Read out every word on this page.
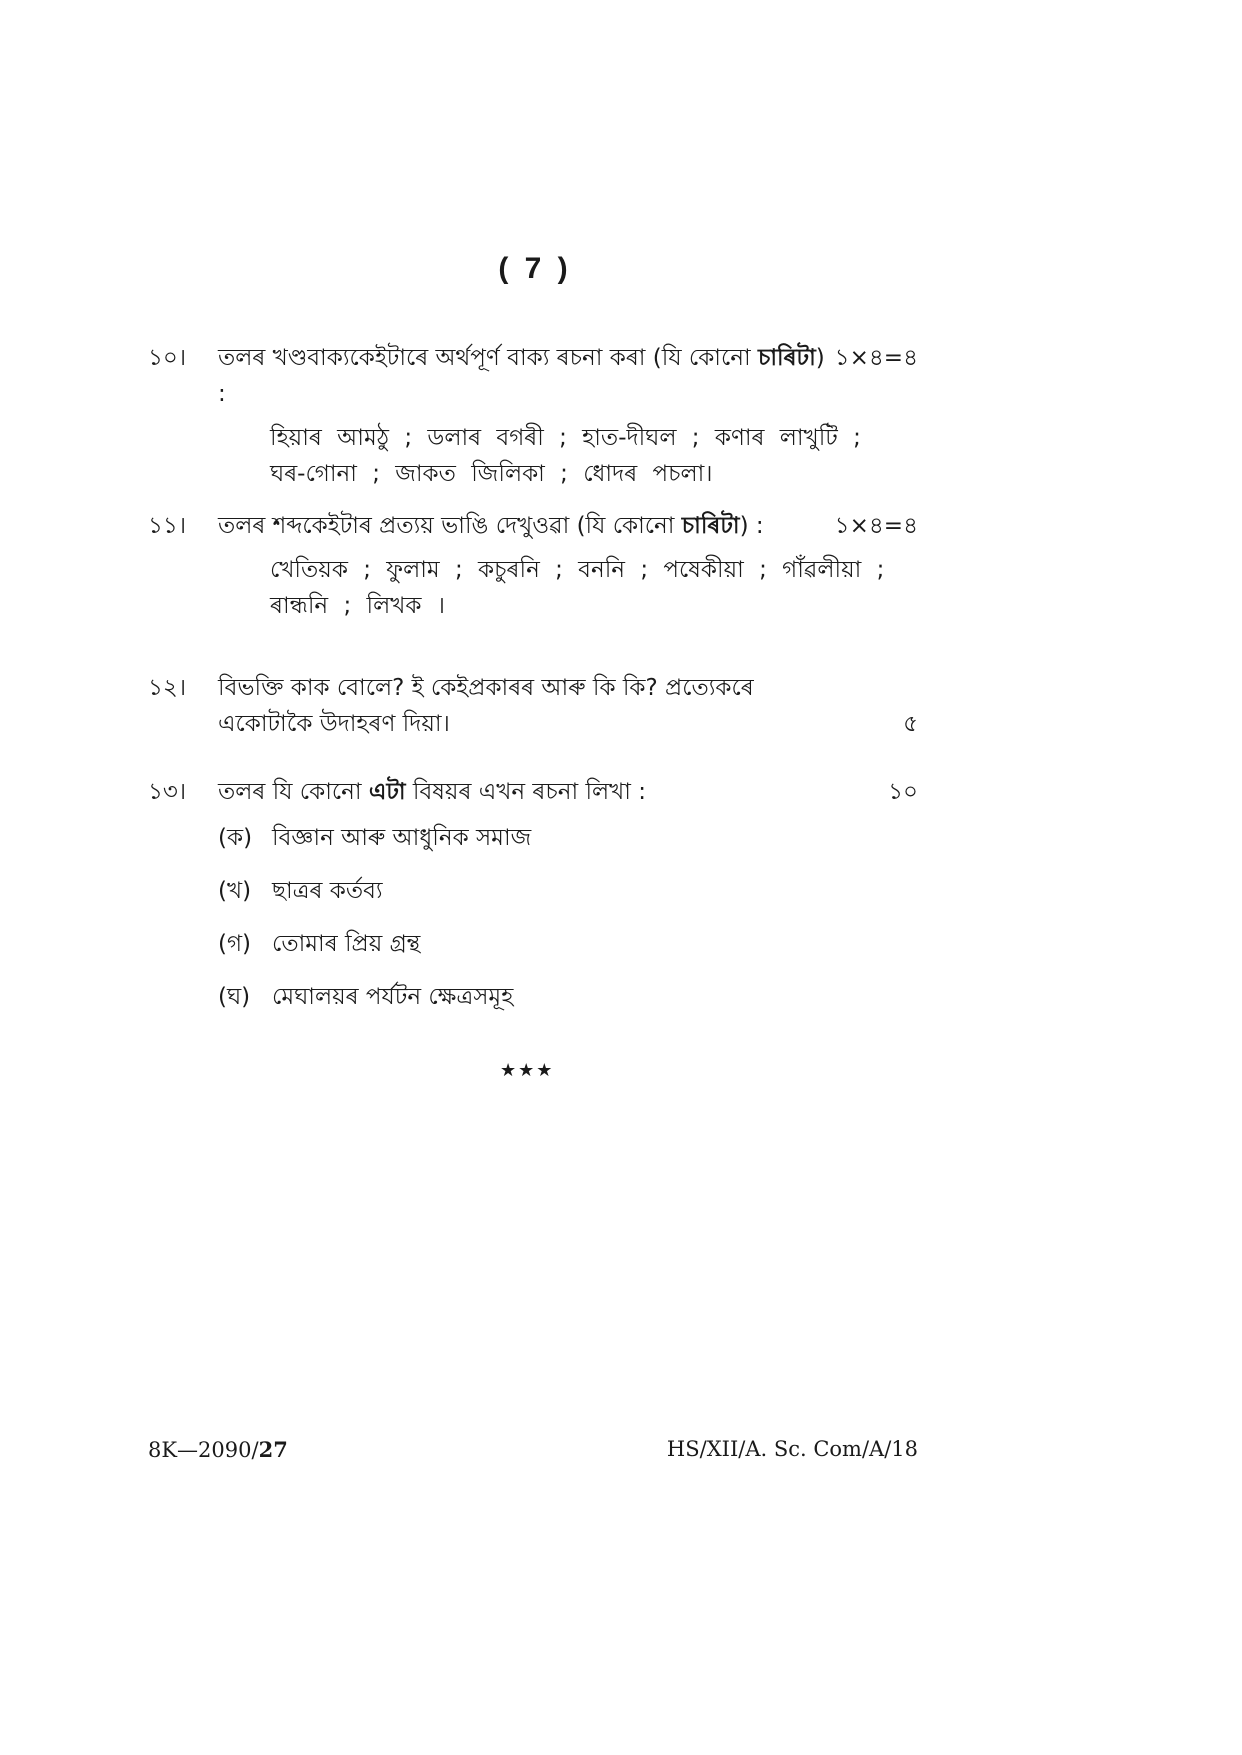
( 7 )
১০।	তলৰ খণ্ডবাক্যকেইটাৰে অৰ্থপূৰ্ণ বাক্য ৰচনা কৰা (যি কোনো চাৰিটা) :
১×৪=৪
হিয়াৰ আমঠু ; ডলাৰ বগৰী ; হাত-দীঘল ; কণাৰ লাখুটি ;
ঘৰ-গোনা ; জাকত জিলিকা ; ধোদৰ পচলা।
১১।	তলৰ শব্দকেইটাৰ প্ৰত্যয় ভাঙি দেখুওৱা (যি কোনো চাৰিটা) :	১×৪=৪
খেতিয়ক ; ফুলাম ; কচুৰনি ; বননি ; পষেকীয়া ; গাঁৱলীয়া ;
ৰান্ধনি ; লিখক ।
১২।	বিভক্তি কাক বোলে? ই কেইপ্ৰকাৰৰ আৰু কি কি? প্ৰত্যেকৰে
একোটাকৈ উদাহৰণ দিয়া।	৫
১৩।	তলৰ যি কোনো এটা বিষয়ৰ এখন ৰচনা লিখা :	১০
(ক) বিজ্ঞান আৰু আধুনিক সমাজ
(খ) ছাত্ৰৰ কৰ্তব্য
(গ) তোমাৰ প্ৰিয় গ্ৰন্থ
(ঘ) মেঘালয়ৰ পৰ্যটন ক্ষেত্ৰসমূহ
★★★
8K—2090/27	HS/XII/A. Sc. Com/A/18
